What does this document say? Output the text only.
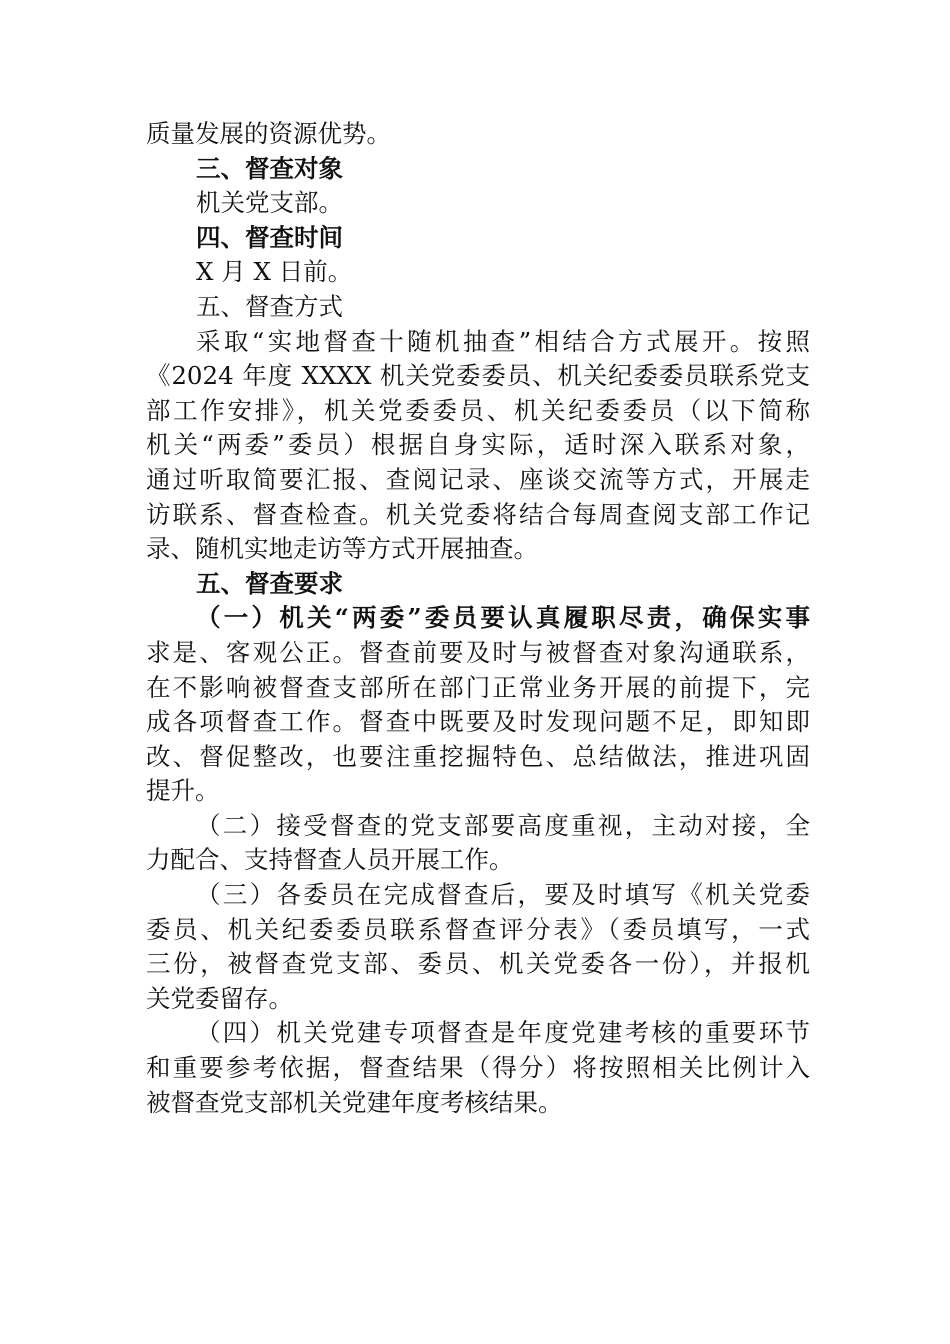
质量发展的资源优势。
三、督查对象
机关党支部。
四、督查时间
X 月 X 日前。
五、督查方式
采取“实地督查十随机抽查”相结合方式展开。按照
《2024 年度 XXXX 机关党委委员、机关纪委委员联系党支
部工作安排》，机关党委委员、机关纪委委员（以下简称
机关“两委”委员）根据自身实际，适时深入联系对象，
通过听取简要汇报、查阅记录、座谈交流等方式，开展走
访联系、督查检查。机关党委将结合每周查阅支部工作记
录、随机实地走访等方式开展抽查。
五、督查要求
（一）机关“两委”委员要认真履职尽责，确保实事
求是、客观公正。督查前要及时与被督查对象沟通联系，
在不影响被督查支部所在部门正常业务开展的前提下，完
成各项督查工作。督查中既要及时发现问题不足，即知即
改、督促整改，也要注重挖掘特色、总结做法，推进巩固
提升。
（二）接受督查的党支部要高度重视，主动对接，全
力配合、支持督查人员开展工作。
（三）各委员在完成督查后，要及时填写《机关党委
委员、机关纪委委员联系督查评分表》（委员填写，一式
三份，被督查党支部、委员、机关党委各一份），并报机
关党委留存。
（四）机关党建专项督查是年度党建考核的重要环节
和重要参考依据，督查结果（得分）将按照相关比例计入
被督查党支部机关党建年度考核结果。
